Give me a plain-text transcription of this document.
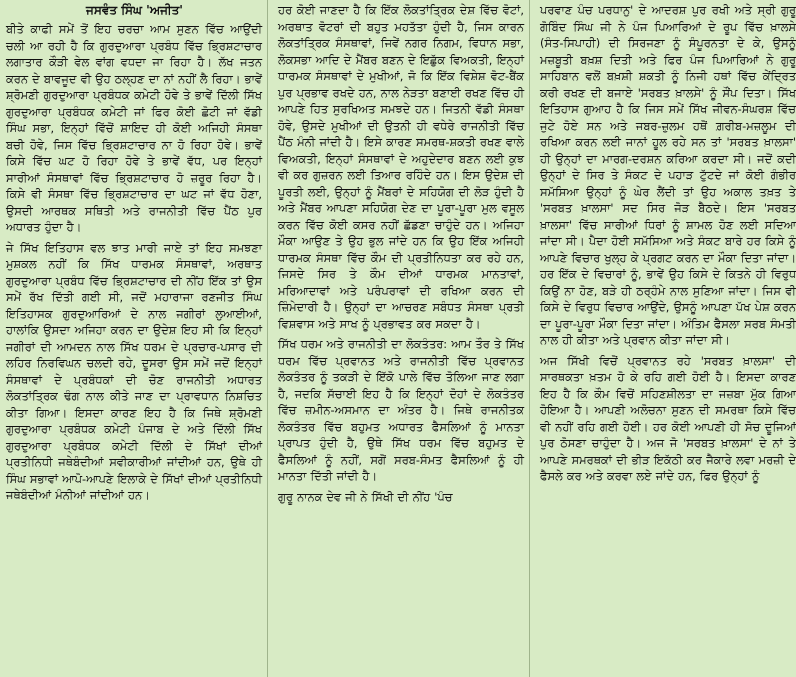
ਜਸਵੰਤ ਸਿੰਘ 'ਅਜੀਤ'

ਬੀਤੇ ਕਾਫੀ ਸਮੇਂ ਤੋਂ ਇਹ ਚਰਚਾ ਆਮ ਸੁਣਨ ਵਿੱਚ ਆਉਂਦੀ ਚਲੀ ਆ ਰਹੀ ਹੈ ਕਿ ਗੁਰਦੁਆਰਾ ਪ੍ਰਬੰਧ ਵਿੱਚ ਭ੍ਰਿਸ਼ਟਾਚਾਰ ਲਗਾਤਾਰ ਕੌੜੀ ਵੇਲ ਵਾਂਗ ਵਧਦਾ ਜਾ ਰਿਹਾ ਹੈ। ਲੱਖ ਜਤਨ ਕਰਨ ਦੇ ਬਾਵਜੂਦ ਵੀ ਉਹ ਠਲ੍ਹਣ ਦਾ ਨਾਂ ਨਹੀਂ ਲੈ ਰਿਹਾ। ਭਾਵੇਂ ਸ਼੍ਰੋਮਣੀ ਗੁਰਦੁਆਰਾ ਪ੍ਰਬੰਧਕ ਕਮੇਟੀ ਹੋਵੇ ਤੇ ਭਾਵੇਂ ਦਿੱਲੀ ਸਿੱਖ ਗੁਰਦੁਆਰਾ ਪ੍ਰਬੰਧਕ ਕਮੇਟੀ ਜਾਂ ਫਿਰ ਕੋਈ ਛੋਟੀ ਜਾਂ ਵੱਡੀ ਸਿੰਘ ਸਭਾ, ਇਨ੍ਹਾਂ ਵਿੱਚੋਂ ਸ਼ਾਇਦ ਹੀ ਕੋਈ ਅਜਿਹੀ ਸੰਸਥਾ ਬਚੀ ਹੋਵੇ, ਜਿਸ ਵਿੱਚ ਭ੍ਰਿਸ਼ਟਾਚਾਰ ਨਾ ਹੋ ਰਿਹਾ ਹੋਵੇ। ਭਾਵੇਂ ਕਿਸੇ ਵਿੱਚ ਘਟ ਹੋ ਰਿਹਾ ਹੋਵੇ ਤੇ ਭਾਵੇਂ ਵੱਧ, ਪਰ ਇਨ੍ਹਾਂ ਸਾਰੀਆਂ ਸੰਸਥਾਵਾਂ ਵਿੱਚ ਭ੍ਰਿਸ਼ਟਾਚਾਰ ਹੋ ਜ਼ਰੂਰ ਰਿਹਾ ਹੈ। ਕਿਸੇ ਵੀ ਸੰਸਥਾ ਵਿੱਚ ਭ੍ਰਿਸ਼ਟਾਚਾਰ ਦਾ ਘਟ ਜਾਂ ਵੱਧ ਹੋਣਾ, ਉਸਦੀ ਆਰਥਕ ਸਥਿਤੀ ਅਤੇ ਰਾਜਨੀਤੀ ਵਿੱਚ ਪੈਂਠ ਪੁਰ ਅਧਾਰਤ ਹੁੰਦਾ ਹੈ।

ਜੇ ਸਿੱਖ ਇਤਿਹਾਸ ਵਲ ਝਾਤ ਮਾਰੀ ਜਾਏ ਤਾਂ ਇਹ ਸਮਝਣਾ ਮੁਸ਼ਕਲ ਨਹੀਂ ਕਿ ਸਿੱਖ ਧਾਰਮਕ ਸੰਸਥਾਵਾਂ, ਅਰਥਾਤ ਗੁਰਦੁਆਰਾ ਪ੍ਰਬੰਧ ਵਿੱਚ ਭ੍ਰਿਸ਼ਟਾਚਾਰ ਦੀ ਨੀਂਹ ਇੱਕ ਤਾਂ ਉਸ ਸਮੇਂ ਰੱਖ ਦਿੱਤੀ ਗਈ ਸੀ, ਜਦੋਂ ਮਹਾਰਾਜਾ ਰਣਜੀਤ ਸਿੰਘ ਇਤਿਹਾਸਕ ਗੁਰਦੁਆਰਿਆਂ ਦੇ ਨਾਲ ਜਗੀਰਾਂ ਲੁਆਈਆਂ, ਹਾਲਾਂਕਿ ਉਸਦਾ ਅਜਿਹਾ ਕਰਨ ਦਾ ਉਦੇਸ਼ ਇਹ ਸੀ ਕਿ ਇਨ੍ਹਾਂ ਜਗੀਰਾਂ ਦੀ ਆਮਦਨ ਨਾਲ ਸਿੱਖ ਧਰਮ ਦੇ ਪ੍ਰਚਾਰ-ਪਸਾਰ ਦੀ ਲਹਿਰ ਨਿਰਵਿਘਨ ਚਲਦੀ ਰਹੇ, ਦੂਸਰਾ ਉਸ ਸਮੇਂ ਜਦੋਂ ਇਨ੍ਹਾਂ ਸੰਸਥਾਵਾਂ ਦੇ ਪ੍ਰਬੰਧਕਾਂ ਦੀ ਚੋਣ ਰਾਜਨੀਤੀ ਅਧਾਰਤ ਲੋਕਤਾਂਤ੍ਰਿਕ ਢੰਗ ਨਾਲ ਕੀਤੇ ਜਾਣ ਦਾ ਪ੍ਰਾਵਧਾਨ ਨਿਸ਼ਚਿਤ ਕੀਤਾ ਗਿਆ। ਇਸਦਾ ਕਾਰਣ ਇਹ ਹੈ ਕਿ ਜਿਥੇ ਸ਼੍ਰੋਮਣੀ ਗੁਰਦੁਆਰਾ ਪ੍ਰਬੰਧਕ ਕਮੇਟੀ ਪੰਜਾਬ ਦੇ ਅਤੇ ਦਿੱਲੀ ਸਿੱਖ ਗੁਰਦੁਆਰਾ ਪ੍ਰਬੰਧਕ ਕਮੇਟੀ ਦਿੱਲੀ ਦੇ ਸਿੱਖਾਂ ਦੀਆਂ ਪ੍ਰਤੀਨਿਧੀ ਜਥੇਬੰਦੀਆਂ ਸਵੀਕਾਰੀਆਂ ਜਾਂਦੀਆਂ ਹਨ, ਉਥੇ ਹੀ ਸਿੰਘ ਸਭਾਵਾਂ ਆਪੋ-ਆਪਣੇ ਇਲਾਕੇ ਦੇ ਸਿੱਖਾਂ ਦੀਆਂ ਪ੍ਰਤੀਨਿਧੀ ਜਥੇਬੰਦੀਆਂ ਮੰਨੀਆਂ ਜਾਂਦੀਆਂ ਹਨ।

ਹਰ ਕੋਈ ਜਾਣਦਾ ਹੈ ਕਿ ਇੱਕ ਲੋਕਤਾਂਤ੍ਰਿਕ ਦੇਸ਼ ਵਿੱਚ ਵੋਟਾਂ, ਅਰਥਾਤ ਵੋਟਰਾਂ ਦੀ ਬਹੁਤ ਮਹਤੱਤਾ ਹੁੰਦੀ ਹੈ, ਜਿਸ ਕਾਰਨ ਲੋਕਤਾਂਤ੍ਰਿਕ ਸੰਸਥਾਵਾਂ, ਜਿਵੇਂ ਨਗਰ ਨਿਗਮ, ਵਿਧਾਨ ਸਭਾ, ਲੋਕਸਭਾ ਆਦਿ ਦੇ ਮੈਂਬਰ ਬਣਨ ਦੇ ਇਛੁੱਕ ਵਿਅਕਤੀ, ਇਨ੍ਹਾਂ ਧਾਰਮਕ ਸੰਸਥਾਵਾਂ ਦੇ ਮੁਖੀਆਂ, ਜੋ ਕਿ ਇੱਕ ਵਿਸ਼ੇਸ਼ ਵੋਟ-ਬੈਂਕ ਪੁਰ ਪ੍ਰਭਾਵ ਰਖਦੇ ਹਨ, ਨਾਲ ਨੇੜਤਾ ਬਣਾਈ ਰਖਣ ਵਿੱਚ ਹੀ ਆਪਣੇ ਹਿਤ ਸੁਰਖਿਅਤ ਸਮਝਦੇ ਹਨ। ਜਿਤਨੀ ਵੱਡੀ ਸੰਸਥਾ ਹੋਵੇ, ਉਸਦੇ ਮੁਖੀਆਂ ਦੀ ਉਤਨੀ ਹੀ ਵਧੇਰੇ ਰਾਜਨੀਤੀ ਵਿੱਚ ਪੈਂਠ ਮੰਨੀ ਜਾਂਦੀ ਹੈ। ਇਸੇ ਕਾਰਣ ਸਮਰਥ-ਸ਼ਕਤੀ ਰਖਣ ਵਾਲੇ ਵਿਅਕਤੀ, ਇਨ੍ਹਾਂ ਸੰਸਥਾਵਾਂ ਦੇ ਅਹੁਦੇਦਾਰ ਬਣਨ ਲਈ ਕੁਝ ਵੀ ਕਰ ਗੁਜ਼ਰਨ ਲਈ ਤਿਆਰ ਰਹਿੰਦੇ ਹਨ। ਇਸ ਉਦੇਸ਼ ਦੀ ਪੂਰਤੀ ਲਈ, ਉਨ੍ਹਾਂ ਨੂੰ ਮੈਂਬਰਾਂ ਦੇ ਸਹਿਯੋਗ ਦੀ ਲੋੜ ਹੁੰਦੀ ਹੈ ਅਤੇ ਮੈਂਬਰ ਆਪਣਾ ਸਹਿਯੋਗ ਦੇਣ ਦਾ ਪੂਰਾ-ਪੂਰਾ ਮੁਲ ਵਸੂਲ ਕਰਨ ਵਿੱਚ ਕੋਈ ਕਸਰ ਨਹੀਂ ਛੱਡਣਾ ਚਾਹੁੰਦੇ ਹਨ। ਅਜਿਹਾ ਮੌਕਾ ਆਉਣ ਤੇ ਉਹ ਭੁਲ ਜਾਂਦੇ ਹਨ ਕਿ ਉਹ ਇੱਕ ਅਜਿਹੀ ਧਾਰਮਕ ਸੰਸਥਾ ਵਿੱਚ ਕੌਮ ਦੀ ਪ੍ਰਤੀਨਿਧਤਾ ਕਰ ਰਹੇ ਹਨ, ਜਿਸਦੇ ਸਿਰ ਤੇ ਕੌਮ ਦੀਆਂ ਧਾਰਮਕ ਮਾਨਤਾਵਾਂ, ਮਰਿਆਦਾਵਾਂ ਅਤੇ ਪਰੰਪਰਾਵਾਂ ਦੀ ਰਖਿਆ ਕਰਨ ਦੀ ਜ਼ਿੰਮੇਦਾਰੀ ਹੈ। ਉਨ੍ਹਾਂ ਦਾ ਆਚਰਣ ਸਬੰਧਤ ਸੰਸਥਾ ਪ੍ਰਤੀ ਵਿਸ਼ਵਾਸ ਅਤੇ ਸਾਖ ਨੂੰ ਪ੍ਰਭਾਵਤ ਕਰ ਸਕਦਾ ਹੈ।

ਸਿੱਖ ਧਰਮ ਅਤੇ ਰਾਜਨੀਤੀ ਦਾ ਲੋਕਤੰਤਰ: ਆਮ ਤੌਰ ਤੇ ਸਿੱਖ ਧਰਮ ਵਿੱਚ ਪ੍ਰਵਾਨਤ ਅਤੇ ਰਾਜਨੀਤੀ ਵਿੱਚ ਪ੍ਰਵਾਨਤ ਲੋਕਤੰਤਰ ਨੂੰ ਤਕੜੀ ਦੇ ਇੱਕੋ ਪਾਲੇ ਵਿੱਚ ਤੋਲਿਆ ਜਾਣ ਲਗਾ ਹੈ, ਜਦਕਿ ਸੱਚਾਈ ਇਹ ਹੈ ਕਿ ਇਨ੍ਹਾਂ ਦੋਹਾਂ ਦੇ ਲੋਕਤੰਤਰ ਵਿੱਚ ਜ਼ਮੀਨ-ਅਸਮਾਨ ਦਾ ਅੰਤਰ ਹੈ। ਜਿਥੇ ਰਾਜਨੀਤਕ ਲੋਕਤੰਤਰ ਵਿੱਚ ਬਹੁਮਤ ਅਧਾਰਤ ਫੈਸਲਿਆਂ ਨੂੰ ਮਾਨਤਾ ਪ੍ਰਾਪਤ ਹੁੰਦੀ ਹੈ, ਉਥੇ ਸਿੱਖ ਧਰਮ ਵਿੱਚ ਬਹੁਮਤ ਦੇ ਫੈਸਲਿਆਂ ਨੂੰ ਨਹੀਂ, ਸਗੋਂ ਸਰਬ-ਸੰਮਤ ਫੈਸਲਿਆਂ ਨੂੰ ਹੀ ਮਾਨਤਾ ਦਿੱਤੀ ਜਾਂਦੀ ਹੈ।

ਗੁਰੂ ਨਾਨਕ ਦੇਵ ਜੀ ਨੇ ਸਿੱਖੀ ਦੀ ਨੀਂਹ 'ਪੰਚ

ਪਰਵਾਣ ਪੰਚ ਪਰਧਾਨੁ' ਦੇ ਆਦਰਸ਼ ਪੁਰ ਰਖੀ ਅਤੇ ਸ੍ਰੀ ਗੁਰੂ ਗੋਬਿੰਦ ਸਿੰਘ ਜੀ ਨੇ ਪੰਜ ਪਿਆਰਿਆਂ ਦੇ ਰੂਪ ਵਿੱਚ ਖ਼ਾਲਸੇ (ਸੰਤ-ਸਿਪਾਹੀ) ਦੀ ਸਿਰਜਣਾ ਨੂੰ ਸੰਪੂਰਨਤਾ ਦੇ ਕੇ, ਉਸਨੂੰ ਮਜ਼ਬੂਤੀ ਬਖ਼ਸ਼ ਦਿਤੀ ਅਤੇ ਫਿਰ ਪੰਜ ਪਿਆਰਿਆਂ ਨੇ ਗੁਰੂ ਸਾਹਿਬਾਨ ਵਲੋਂ ਬਖ਼ਸ਼ੀ ਸ਼ਕਤੀ ਨੂੰ ਨਿਜੀ ਹਥਾਂ ਵਿੱਚ ਕੇਂਦ੍ਰਿਤ ਕਰੀ ਰਖਣ ਦੀ ਬਜਾਏ 'ਸਰਬਤ ਖ਼ਾਲਸੇ' ਨੂੰ ਸੌਂਪ ਦਿਤਾ। ਸਿੱਖ ਇਤਿਹਾਸ ਗੁਆਹ ਹੈ ਕਿ ਜਿਸ ਸਮੇਂ ਸਿੱਖ ਜੀਵਨ-ਸੰਘਰਸ਼ ਵਿੱਚ ਜੁਟੇ ਹੋਏ ਸਨ ਅਤੇ ਜਬਰ-ਜ਼ੁਲਮ ਹਥੋਂ ਗ਼ਰੀਬ-ਮਜ਼ਲੂਮ ਦੀ ਰਖਿਆ ਕਰਨ ਲਈ ਜਾਨਾਂ ਹੂਲ ਰਹੇ ਸਨ ਤਾਂ 'ਸਰਬਤ ਖ਼ਾਲਸਾ' ਹੀ ਉਨ੍ਹਾਂ ਦਾ ਮਾਰਗ-ਦਰਸ਼ਨ ਕਰਿਆ ਕਰਦਾ ਸੀ। ਜਦੋਂ ਕਦੀ ਉਨ੍ਹਾਂ ਦੇ ਸਿਰ ਤੇ ਸੰਕਟ ਦੇ ਪਹਾੜ ਟੁੱਟਦੇ ਜਾਂ ਕੋਈ ਗੰਭੀਰ ਸਮੱਸਿਆ ਉਨ੍ਹਾਂ ਨੂੰ ਘੇਰ ਲੈਂਦੀ ਤਾਂ ਉਹ ਅਕਾਲ ਤਖ਼ਤ ਤੇ 'ਸਰਬਤ ਖ਼ਾਲਸਾ' ਸਦ ਸਿਰ ਜੋੜ ਬੈਠਦੇ। ਇਸ 'ਸਰਬਤ ਖ਼ਾਲਸਾ' ਵਿੱਚ ਸਾਰੀਆਂ ਧਿਰਾਂ ਨੂੰ ਸ਼ਾਮਲ ਹੋਣ ਲਈ ਸਦਿਆ ਜਾਂਦਾ ਸੀ। ਪੈਦਾ ਹੋਈ ਸਮੱਸਿਆ ਅਤੇ ਸੰਕਟ ਬਾਰੇ ਹਰ ਕਿਸੇ ਨੂੰ ਆਪਣੇ ਵਿਚਾਰ ਖੁਲ੍ਹ ਕੇ ਪ੍ਰਗਟ ਕਰਨ ਦਾ ਮੌਕਾ ਦਿਤਾ ਜਾਂਦਾ। ਹਰ ਇੱਕ ਦੇ ਵਿਚਾਰਾਂ ਨੂੰ, ਭਾਵੇਂ ਉਹ ਕਿਸੇ ਦੇ ਕਿਤਨੇ ਹੀ ਵਿਰੁਧ ਕਿਉਂ ਨਾ ਹੋਣ, ਬੜੇ ਹੀ ਠਰ੍ਹੰਮੇ ਨਾਲ ਸੁਣਿਆ ਜਾਂਦਾ। ਜਿਸ ਵੀ ਕਿਸੇ ਦੇ ਵਿਰੁਧ ਵਿਚਾਰ ਆਉਂਦੇ, ਉਸਨੂੰ ਆਪਣਾ ਪੱਖ ਪੇਸ਼ ਕਰਨ ਦਾ ਪੂਰਾ-ਪੂਰਾ ਮੌਕਾ ਦਿਤਾ ਜਾਂਦਾ। ਅੰਤਿਮ ਫੈਸਲਾ ਸਰਬ ਸੰਮਤੀ ਨਾਲ ਹੀ ਕੀਤਾ ਅਤੇ ਪ੍ਰਵਾਨ ਕੀਤਾ ਜਾਂਦਾ ਸੀ।

ਅਜ ਸਿੱਖੀ ਵਿਚੋਂ ਪ੍ਰਵਾਨਤ ਰਹੇ 'ਸਰਬਤ ਖ਼ਾਲਸਾ' ਦੀ ਸਾਰਥਕਤਾ ਖ਼ਤਮ ਹੋ ਕੇ ਰਹਿ ਗਈ ਹੋਈ ਹੈ। ਇਸਦਾ ਕਾਰਣ ਇਹ ਹੈ ਕਿ ਕੌਮ ਵਿਚੋਂ ਸਹਿਣਸ਼ੀਲਤਾ ਦਾ ਜਜ਼ਬਾ ਮੁੱਕ ਗਿਆ ਹੋਇਆ ਹੈ। ਆਪਣੀ ਅਲੋਚਨਾ ਸੁਣਨ ਦੀ ਸਮਰਥਾ ਕਿਸੇ ਵਿੱਚ ਵੀ ਨਹੀਂ ਰਹਿ ਗਈ ਹੋਈ। ਹਰ ਕੋਈ ਆਪਣੀ ਹੀ ਸੋਚ ਦੂਜਿਆਂ ਪੁਰ ਠੋਸਣਾ ਚਾਹੁੰਦਾ ਹੈ। ਅਜ ਜੋ 'ਸਰਬਤ ਖ਼ਾਲਸਾ' ਦੇ ਨਾਂ ਤੇ ਆਪਣੇ ਸਮਰਥਕਾਂ ਦੀ ਭੀੜ ਇਕੱਠੀ ਕਰ ਜੈਕਾਰੇ ਲਵਾ ਮਰਜ਼ੀ ਦੇ ਫੈਸਲੇ ਕਰ ਅਤੇ ਕਰਵਾ ਲਏ ਜਾਂਦੇ ਹਨ, ਫਿਰ ਉਨ੍ਹਾਂ ਨੂੰ
